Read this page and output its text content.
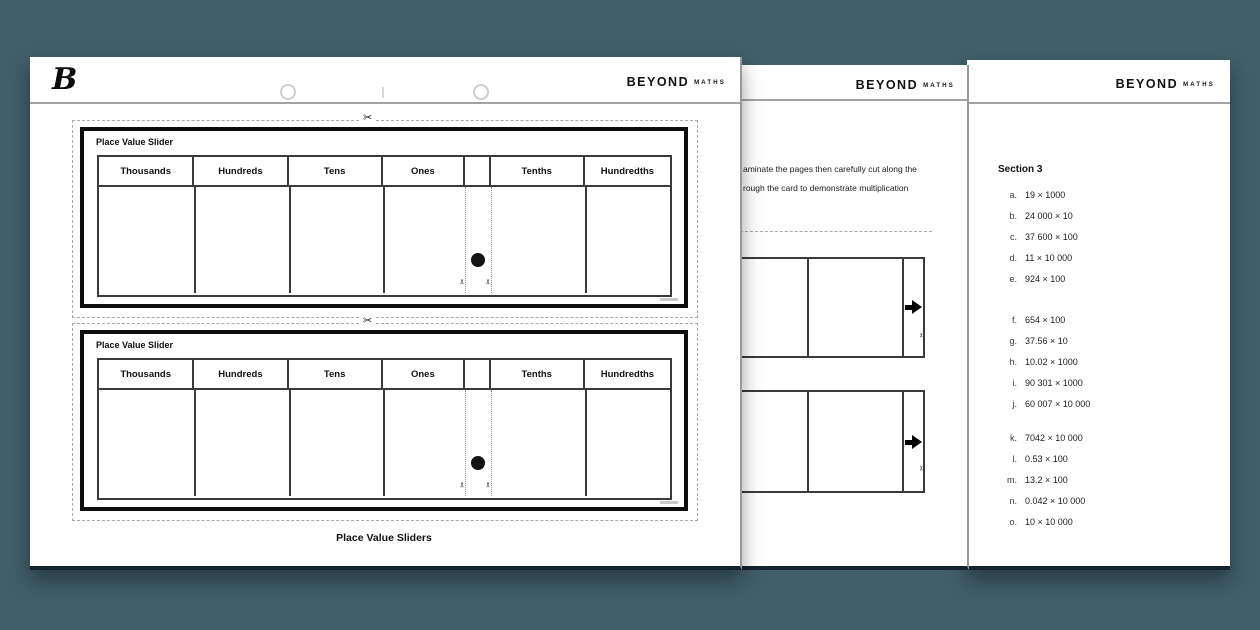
B	BEYOND MATHS
✂
Place Value Slider
Thousands	Hundreds	Tens	Ones	Tenths	Hundredths
✂	✂
✂
Place Value Slider
Thousands	Hundreds	Tens	Ones	Tenths	Hundredths
✂	✂
Place Value Sliders
BEYOND MATHS
aminate the pages then carefully cut along the
rough the card to demonstrate multiplication
✂
✂
BEYOND MATHS
Section 3
a. 19 × 1000
b. 24 000 × 10
c. 37 600 × 100
d. 11 × 10 000
e. 924 × 100
f. 654 × 100
g. 37.56 × 10
h. 10.02 × 1000
i. 90 301 × 1000
j. 60 007 × 10 000
k. 7042 × 10 000
l. 0.53 × 100
m. 13.2 × 100
n. 0.042 × 10 000
o. 10 × 10 000
